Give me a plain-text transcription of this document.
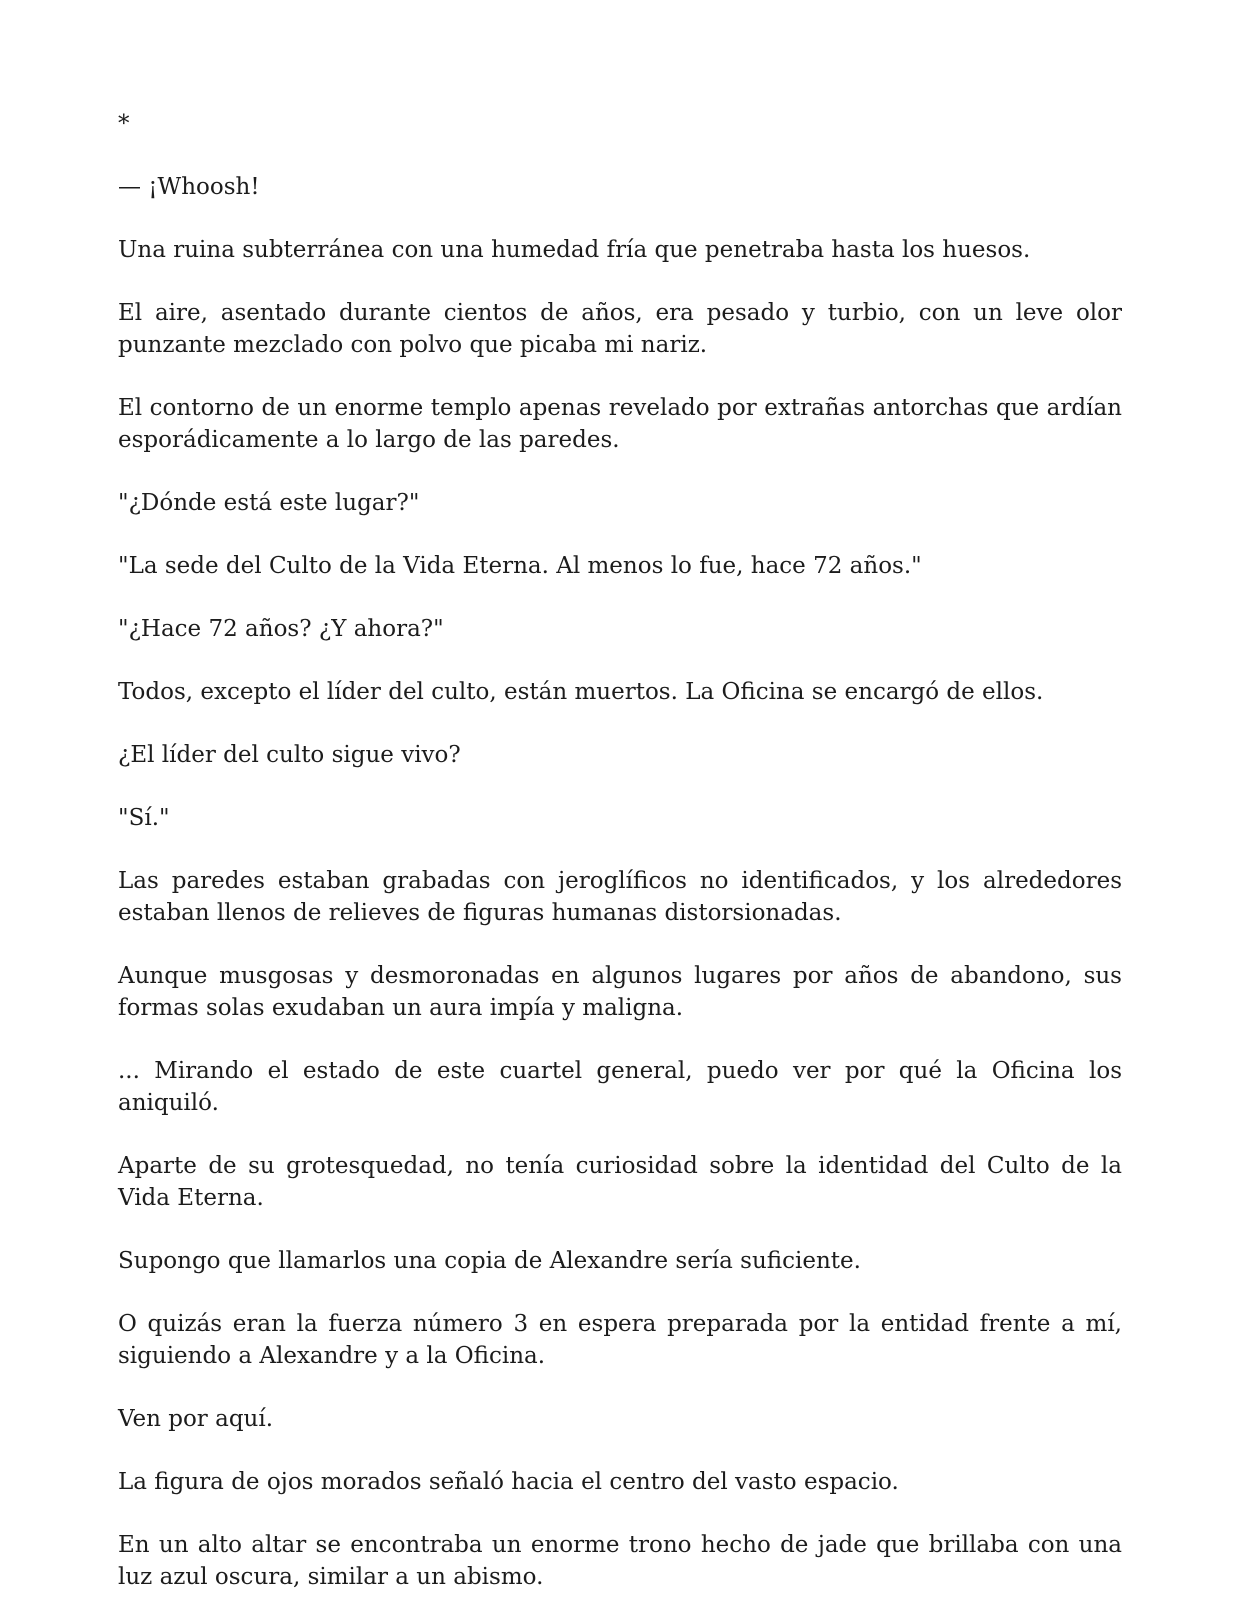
*

— ¡Whoosh!

Una ruina subterránea con una humedad fría que penetraba hasta los huesos.

El aire, asentado durante cientos de años, era pesado y turbio, con un leve olor punzante mezclado con polvo que picaba mi nariz.

El contorno de un enorme templo apenas revelado por extrañas antorchas que ardían esporádicamente a lo largo de las paredes.

"¿Dónde está este lugar?"

"La sede del Culto de la Vida Eterna. Al menos lo fue, hace 72 años."

"¿Hace 72 años? ¿Y ahora?"

Todos, excepto el líder del culto, están muertos. La Oficina se encargó de ellos.

¿El líder del culto sigue vivo?

"Sí."

Las paredes estaban grabadas con jeroglíficos no identificados, y los alrededores estaban llenos de relieves de figuras humanas distorsionadas.

Aunque musgosas y desmoronadas en algunos lugares por años de abandono, sus formas solas exudaban un aura impía y maligna.

... Mirando el estado de este cuartel general, puedo ver por qué la Oficina los aniquiló.

Aparte de su grotesquedad, no tenía curiosidad sobre la identidad del Culto de la Vida Eterna.

Supongo que llamarlos una copia de Alexandre sería suficiente.

O quizás eran la fuerza número 3 en espera preparada por la entidad frente a mí, siguiendo a Alexandre y a la Oficina.

Ven por aquí.

La figura de ojos morados señaló hacia el centro del vasto espacio.

En un alto altar se encontraba un enorme trono hecho de jade que brillaba con una luz azul oscura, similar a un abismo.
